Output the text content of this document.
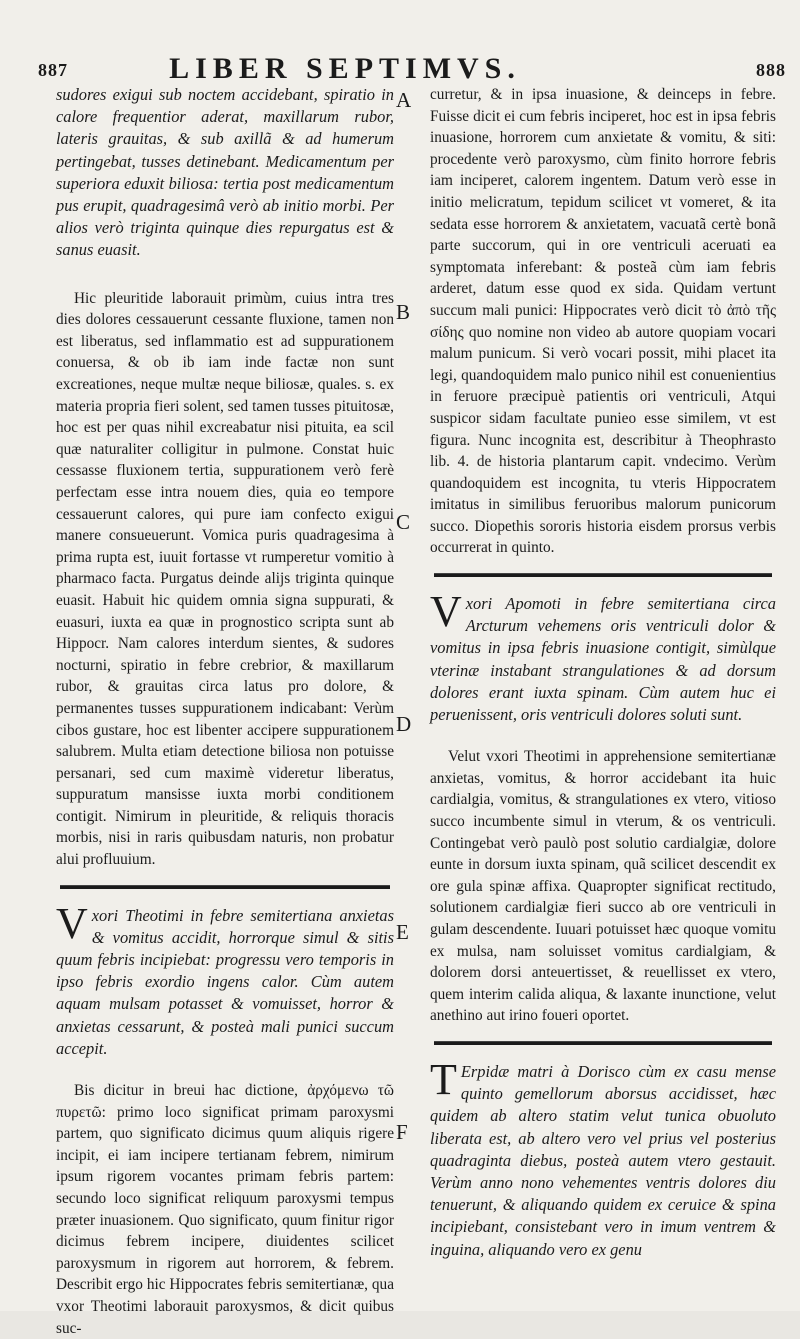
887	LIBER SEPTIMVS.	888
A
B
C
D
E
F

sudores exigui sub noctem accidebant, spiratio in calore frequentior aderat, maxillarum rubor, lateris grauitas, & sub axillã & ad humerum pertingebat, tusses detinebant. Medicamentum per superiora eduxit biliosa: tertia post medicamentum pus erupit, quadragesimâ verò ab initio morbi. Per alios verò triginta quinque dies repurgatus est & sanus euasit.

Hic pleuritide laborauit primùm, cuius intra tres dies dolores cessauerunt cessante fluxione, tamen non est liberatus, sed inflammatio est ad suppurationem conuersa, & ob ib iam inde factæ non sunt excreationes, neque multæ neque biliosæ, quales. s. ex materia propria fieri solent, sed tamen tusses pituitosæ, hoc est per quas nihil excreabatur nisi pituita, ea scil quæ naturaliter colligitur in pulmone. Constat huic cessasse fluxionem tertia, suppurationem verò ferè perfectam esse intra nouem dies, quia eo tempore cessauerunt calores, qui pure iam confecto exigui manere consueuerunt. Vomica puris quadragesima à prima rupta est, iuuit fortasse vt rumperetur vomitio à pharmaco facta. Purgatus deinde alijs triginta quinque euasit. Habuit hic quidem omnia signa suppurati, & euasuri, iuxta ea quæ in prognostico scripta sunt ab Hippocr. Nam calores interdum sientes, & sudores nocturni, spiratio in febre crebrior, & maxillarum rubor, & grauitas circa latus pro dolore, & permanentes tusses suppurationem indicabant: Verùm cibos gustare, hoc est libenter accipere suppurationem salubrem. Multa etiam detectione biliosa non potuisse persanari, sed cum maximè videretur liberatus, suppuratum mansisse iuxta morbi conditionem contigit. Nimirum in pleuritide, & reliquis thoracis morbis, nisi in raris quibusdam naturis, non probatur alui profluuium.

Vxori Theotimi in febre semitertiana anxietas & vomitus accidit, horrorque simul & sitis quum febris incipiebat: progressu vero temporis in ipso febris exordio ingens calor. Cùm autem aquam mulsam potasset & vomuisset, horror & anxietas cessarunt, & posteà mali punici succum accepit.

Bis dicitur in breui hac dictione, ἀρχόμενω τῶ πυρετῶ: primo loco significat primam paroxysmi partem, quo significato dicimus quum aliquis rigere incipit, ei iam incipere tertianam febrem, nimirum ipsum rigorem vocantes primam febris partem: secundo loco significat reliquum paroxysmi tempus præter inuasionem. Quo significato, quum finitur rigor dicimus febrem incipere, diuidentes scilicet paroxysmum in rigorem aut horrorem, & febrem. Describit ergo hic Hippocrates febris semitertianæ, qua vxor Theotimi laborauit paroxysmos, & dicit quibus suc-

curretur, & in ipsa inuasione, & deinceps in febre. Fuisse dicit ei cum febris inciperet, hoc est in ipsa febris inuasione, horrorem cum anxietate & vomitu, & siti: procedente verò paroxysmo, cùm finito horrore febris iam inciperet, calorem ingentem. Datum verò esse in initio melicratum, tepidum scilicet vt vomeret, & ita sedata esse horrorem & anxietatem, vacuatã certè bonã parte succorum, qui in ore ventriculi aceruati ea symptomata inferebant: & posteã cùm iam febris arderet, datum esse quod ex sida. Quidam vertunt succum mali punici: Hippocrates verò dicit τὸ ἀπὸ τῆς σίδης quo nomine non video ab autore quopiam vocari malum punicum. Si verò vocari possit, mihi placet ita legi, quandoquidem malo punico nihil est conuenientius in feruore præcipuè patientis ori ventriculi, Atqui suspicor sidam facultate punieo esse similem, vt est figura. Nunc incognita est, describitur à Theophrasto lib. 4. de historia plantarum capit. vndecimo. Verùm quandoquidem est incognita, tu vteris Hippocratem imitatus in similibus feruoribus malorum punicorum succo. Diopethis sororis historia eisdem prorsus verbis occurrerat in quinto.

Vxori Apomoti in febre semitertiana circa Arcturum vehemens oris ventriculi dolor & vomitus in ipsa febris inuasione contigit, simùlque vterinæ instabant strangulationes & ad dorsum dolores erant iuxta spinam. Cùm autem huc ei peruenissent, oris ventriculi dolores soluti sunt.

Velut vxori Theotimi in apprehensione semitertianæ anxietas, vomitus, & horror accidebant ita huic cardialgia, vomitus, & strangulationes ex vtero, vitioso succo incumbente simul in vterum, & os ventriculi. Contingebat verò paulò post solutio cardialgiæ, dolore eunte in dorsum iuxta spinam, quã scilicet descendit ex ore gula spinæ affixa. Quapropter significat rectitudo, solutionem cardialgiæ fieri succo ab ore ventriculi in gulam descendente. Iuuari potuisset hæc quoque vomitu ex mulsa, nam soluisset vomitus cardialgiam, & dolorem dorsi anteuertisset, & reuellisset ex vtero, quem interim calida aliqua, & laxante inunctione, velut anethino aut irino foueri oportet.

T Erpidæ matri à Dorisco cùm ex casu mense quinto gemellorum aborsus accidisset, hæc quidem ab altero statim velut tunica obuoluto liberata est, ab altero vero vel prius vel posterius quadraginta diebus, posteà autem vtero gestauit. Verùm anno nono vehementes ventris dolores diu tenuerunt, & aliquando quidem ex ceruice & spina incipiebant, consistebant vero in imum ventrem & inguina, aliquando vero ex genu
